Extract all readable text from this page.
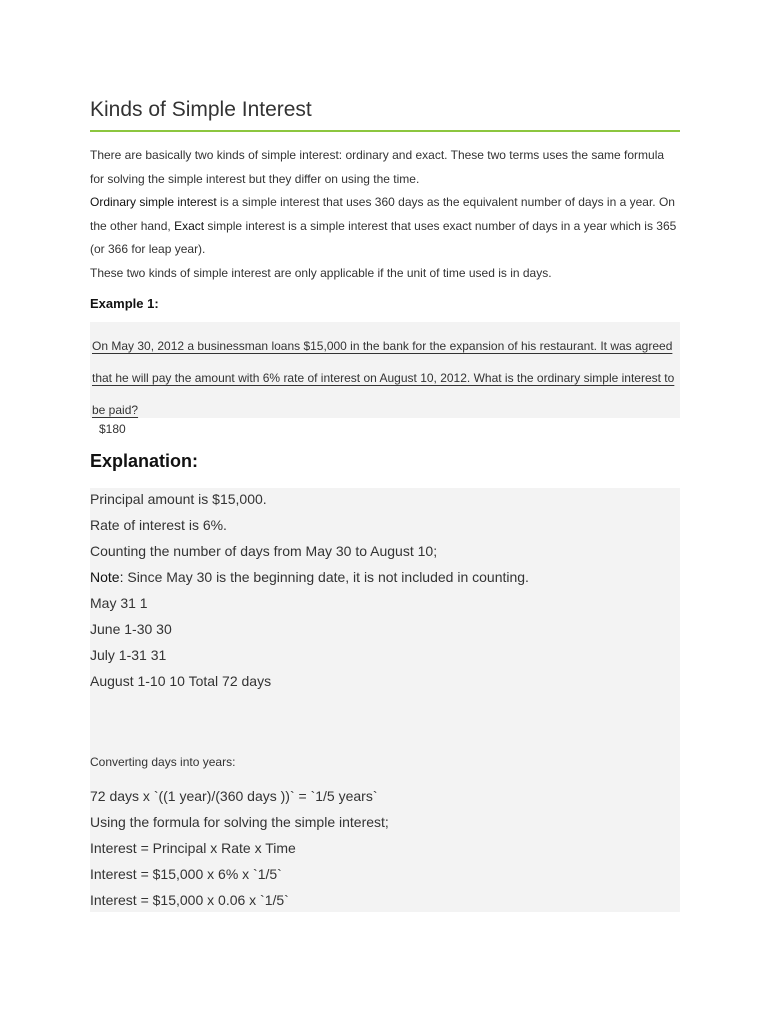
Kinds of Simple Interest

There are basically two kinds of simple interest: ordinary and exact. These two terms uses the same formula for solving the simple interest but they differ on using the time.

Ordinary simple interest is a simple interest that uses 360 days as the equivalent number of days in a year. On the other hand, Exact simple interest is a simple interest that uses exact number of days in a year which is 365 (or 366 for leap year).

These two kinds of simple interest are only applicable if the unit of time used is in days.

Example 1:

On May 30, 2012 a businessman loans $15,000 in the bank for the expansion of his restaurant. It was agreed that he will pay the amount with 6% rate of interest on August 10, 2012. What is the ordinary simple interest to be paid?

$180
Explanation:
Principal amount is $15,000.
Rate of interest is 6%.
Counting the number of days from May 30 to August 10;
Note: Since May 30 is the beginning date, it is not included in counting.
May 31 1
June 1-30 30
July 1-31 31
August 1-10 10 Total 72 days
Converting days into years:
72 days x `((1 year)/(360 days ))` = `1/5 years`
Using the formula for solving the simple interest;
Interest = Principal x Rate x Time
Interest = $15,000 x 6% x `1/5`
Interest = $15,000 x 0.06 x `1/5`
